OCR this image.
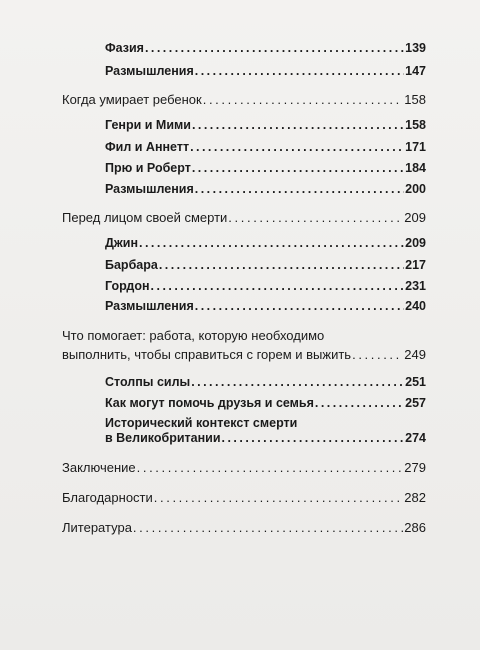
Фазия . . .	139
Размышления . . .	147
Когда умирает ребенок . . .	158
Генри и Мими . . .	158
Фил и Аннетт . . .	171
Прю и Роберт . . .	184
Размышления . . .	200
Перед лицом своей смерти . . .	209
Джин . . .	209
Барбара . . .	217
Гордон . . .	231
Размышления . . .	240
Что помогает: работа, которую необходимо
выполнить, чтобы справиться с горем и выжить . . .	249
Столпы силы . . .	251
Как могут помочь друзья и семья . . .	257
Исторический контекст смерти
в Великобритании . . .	274
Заключение . . .	279
Благодарности . . .	282
Литература . . .	286
